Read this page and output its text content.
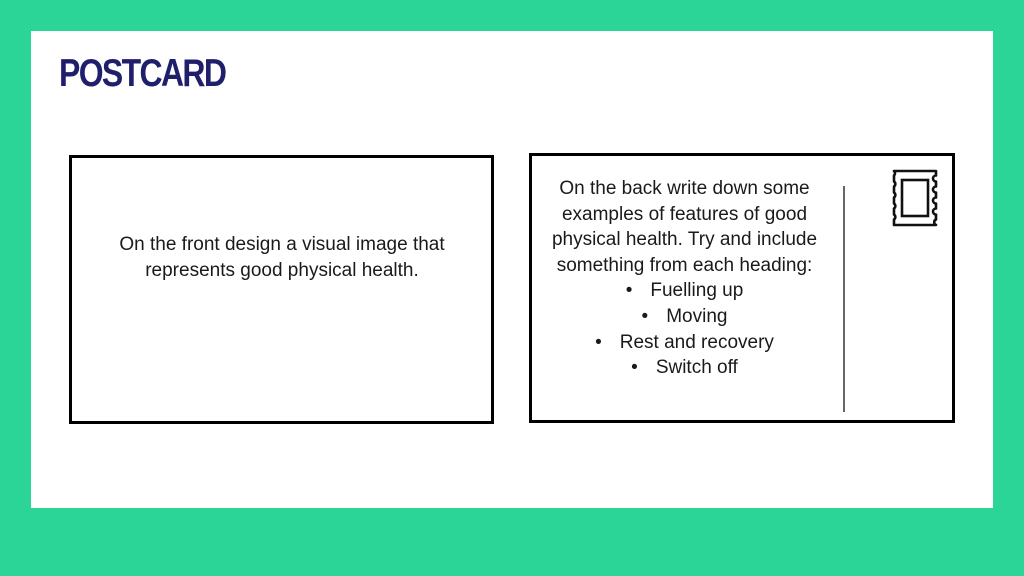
POSTCARD
On the front design a visual image that represents good physical health.

On the back write down some examples of features of good physical health. Try and include something from each heading:

• Fuelling up
• Moving
• Rest and recovery
• Switch off
